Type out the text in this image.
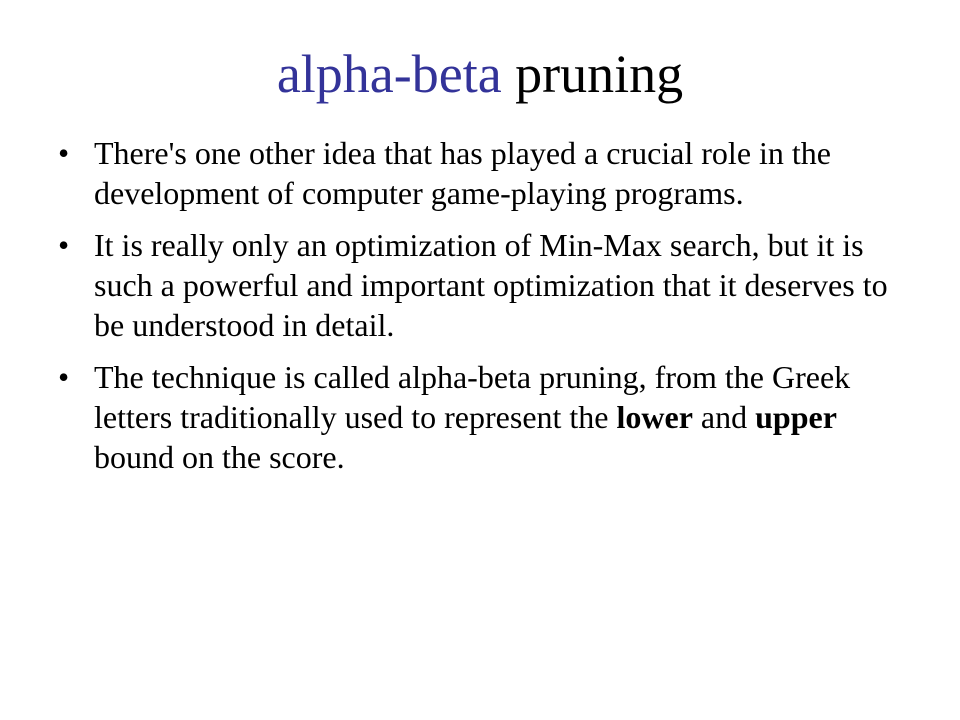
alpha-beta pruning
• There's one other idea that has played a crucial role in the development of computer game-playing programs.
• It is really only an optimization of Min-Max search, but it is such a powerful and important optimization that it deserves to be understood in detail.
• The technique is called alpha-beta pruning, from the Greek letters traditionally used to represent the lower and upper bound on the score.
